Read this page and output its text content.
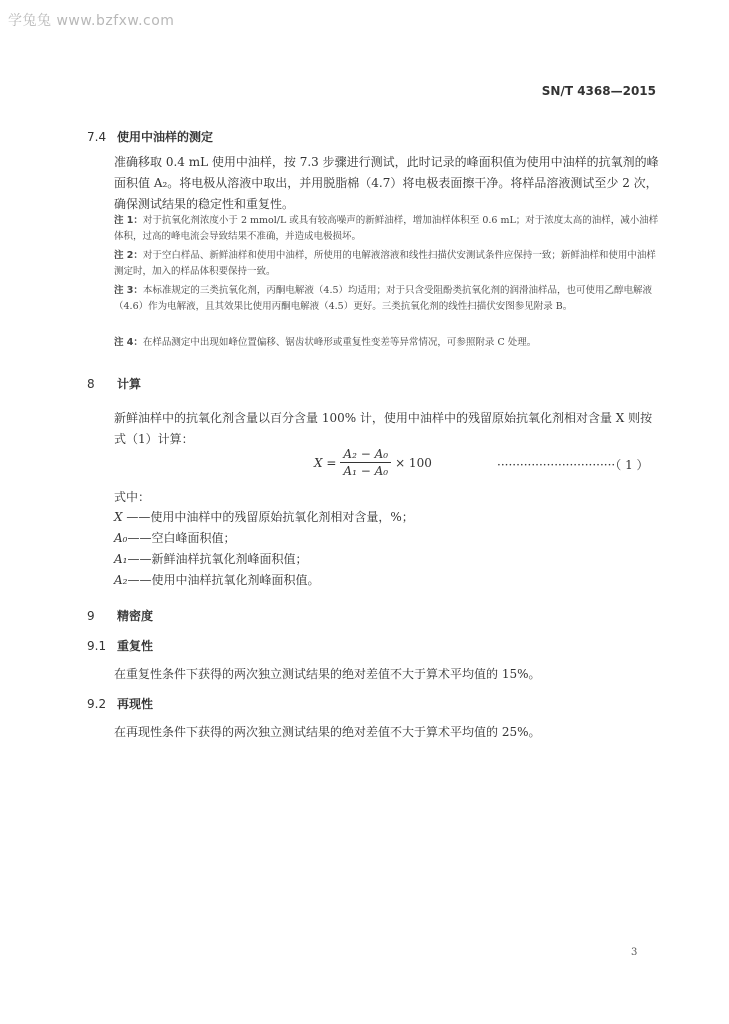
学兔兔 www.bzfxw.com
SN/T 4368—2015
7.4 使用中油样的测定
准确移取 0.4 mL 使用中油样，按 7.3 步骤进行测试，此时记录的峰面积值为使用中油样的抗氧剂的峰面积值 A₂。将电极从溶液中取出，并用脱脂棉（4.7）将电极表面擦干净。将样品溶液测试至少 2 次，确保测试结果的稳定性和重复性。
注 1：对于抗氧化剂浓度小于 2 mmol/L 或具有较高噪声的新鲜油样，增加油样体积至 0.6 mL；对于浓度太高的油样，减小油样体积，过高的峰电流会导致结果不准确，并造成电极损坏。
注 2：对于空白样品、新鲜油样和使用中油样，所使用的电解液溶液和线性扫描伏安测试条件应保持一致；新鲜油样和使用中油样测定时，加入的样品体积要保持一致。
注 3：本标准规定的三类抗氧化剂，丙酮电解液（4.5）均适用；对于只含受阻酚类抗氧化剂的润滑油样品，也可使用乙醇电解液（4.6）作为电解液，且其效果比使用丙酮电解液（4.5）更好。三类抗氧化剂的线性扫描伏安图参见附录 B。
注 4：在样品测定中出现如峰位置偏移、锯齿状峰形或重复性变差等异常情况，可参照附录 C 处理。
8 计算
新鲜油样中的抗氧化剂含量以百分含量 100% 计，使用中油样中的残留原始抗氧化剂相对含量 X 则按式（1）计算：
$X = \frac{\text{A₂ − A₀}}{\text{A₁ − A₀}} \times 100$	·······························（ 1 ）
式中：
X ——使用中油样中的残留原始抗氧化剂相对含量，%；
A₀——空白峰面积值；
A₁——新鲜油样抗氧化剂峰面积值；
A₂——使用中油样抗氧化剂峰面积值。
9 精密度
9.1 重复性
在重复性条件下获得的两次独立测试结果的绝对差值不大于算术平均值的 15%。
9.2 再现性
在再现性条件下获得的两次独立测试结果的绝对差值不大于算术平均值的 25%。
3
